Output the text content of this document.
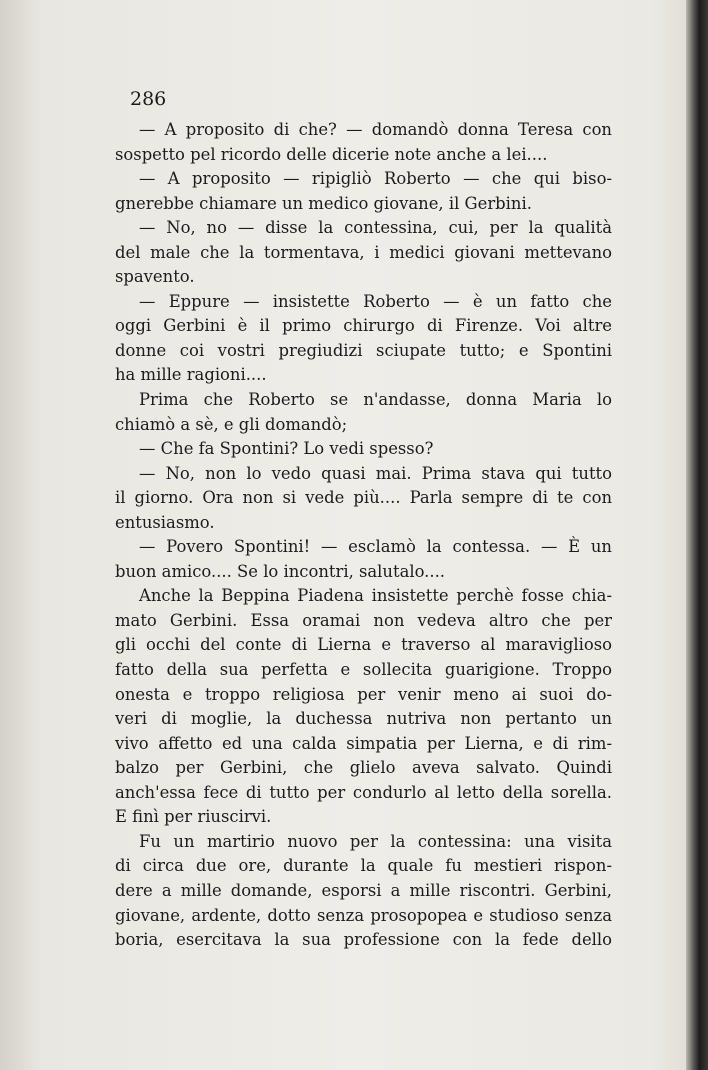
286

— A proposito di che? — domandò donna Teresa con
sospetto pel ricordo delle dicerie note anche a lei....
— A proposito — ripigliò Roberto — che qui biso-
gnerebbe chiamare un medico giovane, il Gerbini.
— No, no — disse la contessina, cui, per la qualità
del male che la tormentava, i medici giovani mettevano
spavento.
— Eppure — insistette Roberto — è un fatto che
oggi Gerbini è il primo chirurgo di Firenze. Voi altre
donne coi vostri pregiudizi sciupate tutto; e Spontini
ha mille ragioni....
Prima che Roberto se n'andasse, donna Maria lo
chiamò a sè, e gli domandò;
— Che fa Spontini? Lo vedi spesso?
— No, non lo vedo quasi mai. Prima stava qui tutto
il giorno. Ora non si vede più.... Parla sempre di te con
entusiasmo.
— Povero Spontini! — esclamò la contessa. — È un
buon amico.... Se lo incontri, salutalo....
Anche la Beppina Piadena insistette perchè fosse chia-
mato Gerbini. Essa oramai non vedeva altro che per
gli occhi del conte di Lierna e traverso al maraviglioso
fatto della sua perfetta e sollecita guarigione. Troppo
onesta e troppo religiosa per venir meno ai suoi do-
veri di moglie, la duchessa nutriva non pertanto un
vivo affetto ed una calda simpatia per Lierna, e di rim-
balzo per Gerbini, che glielo aveva salvato. Quindi
anch'essa fece di tutto per condurlo al letto della sorella.
E finì per riuscirvi.
Fu un martirio nuovo per la contessina: una visita
di circa due ore, durante la quale fu mestieri rispon-
dere a mille domande, esporsi a mille riscontri. Gerbini,
giovane, ardente, dotto senza prosopopea e studioso senza
boria, esercitava la sua professione con la fede dello
